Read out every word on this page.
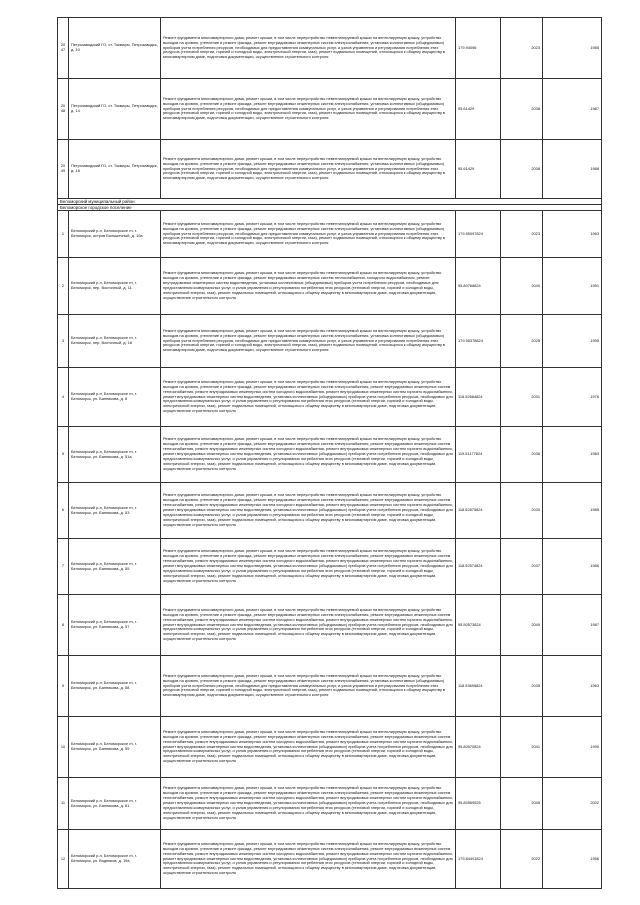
2047	Петрозаводский ГО, ст. Токмары, Петрозаводск, д. 10	Ремонт фундамента многоквартирного дома, ремонт крыши, в том числе переустройство невентилируемой крыши на вентилируемую крышу, устройство выходов на кровлю, утепление и ремонт фасада, ремонт внутридомовых инженерных систем электроснабжения, установка коллективных (общедомовых) приборов учета потребления ресурсов, необходимых для предоставления коммунальных услуг, и узлов управления и регулирования потребления этих ресурсов (тепловой энергии, горячей и холодной воды, электрической энергии, газа), ремонт подвальных помещений, относящихся к общему имуществу в многоквартирном доме, подготовка документации, осуществление строительного контроля	179.94096	2023	1985
2048	Петрозаводский ГО, ст. Токмары, Петрозаводск, д. 14	Ремонт фундамента многоквартирного дома, ремонт крыши, в том числе переустройство невентилируемой крыши на вентилируемую крышу, устройство выходов на кровлю, утепление и ремонт фасада, ремонт внутридомовых инженерных систем электроснабжения, установка коллективных (общедомовых) приборов учета потребления ресурсов, необходимых для предоставления коммунальных услуг, и узлов управления и регулирования потребления этих ресурсов (тепловой энергии, горячей и холодной воды, электрической энергии, газа), ремонт подвальных помещений, относящихся к общему имуществу в многоквартирном доме, подготовка документации, осуществление строительного контроля	95.61429	2038	1987
2049	Петрозаводский ГО, ст. Токмары, Петрозаводск, д. 18	Ремонт фундамента многоквартирного дома, ремонт крыши, в том числе переустройство невентилируемой крыши на вентилируемую крышу, устройство выходов на кровлю, утепление и ремонт фасада, ремонт внутридомовых инженерных систем электроснабжения, установка коллективных (общедомовых) приборов учета потребления ресурсов, необходимых для предоставления коммунальных услуг, и узлов управления и регулирования потребления этих ресурсов (тепловой энергии, горячей и холодной воды, электрической энергии, газа), ремонт подвальных помещений, относящихся к общему имуществу в многоквартирном доме, подготовка документации, осуществление строительного контроля	95.61429	2038	1988
Беломорский муниципальный район					
Беломорское городское поселение					
1	Беломорский р-н, Беломорское гп, г. Беломорск, остров Большечный, д. 10а	Ремонт фундамента многоквартирного дома, ремонт крыши, в том числе переустройство невентилируемой крыши на вентилируемую крышу, устройство выходов на кровлю, утепление и ремонт фасада, ремонт внутридомовых инженерных систем электроснабжения, установка коллективных (общедомовых) приборов учета потребления ресурсов, необходимых для предоставления коммунальных услуг, и узлов управления и регулирования потребления этих ресурсов (тепловой энергии, горячей и холодной воды, электрической энергии, газа), ремонт подвальных помещений, относящихся к общему имуществу в многоквартирном доме, подготовка документации, осуществление строительного контроля	179.55097824	2023	1963
2	Беломорский р-н, Беломорское гп, г. Беломорск, пер. Восточный, д. 11	Ремонт фундамента многоквартирного дома, ремонт крыши, в том числе переустройство невентилируемой крыши на вентилируемую крышу, устройство выходов на кровлю, утепление и ремонт фасада, ремонт внутридомовых инженерных систем теплоснабжения, холодного водоснабжения, ремонт внутридомовых инженерных систем водоотведения, установка коллективных (общедомовых) приборов учета потребления ресурсов, необходимых для предоставления коммунальных услуг, и узлов управления и регулирования потребления этих ресурсов (тепловой энергии, горячей и холодной воды, электрической энергии, газа), ремонт подвальных помещений, относящихся к общему имуществу в многоквартирном доме, подготовка документации, осуществление строительного контроля	95.80768824	2040	1951
3	Беломорский р-н, Беломорское гп, г. Беломорск, пер. Восточный, д. 16	Ремонт фундамента многоквартирного дома, ремонт крыши, в том числе переустройство невентилируемой крыши на вентилируемую крышу, устройство выходов на кровлю, утепление и ремонт фасада, ремонт внутридомовых инженерных систем электроснабжения, установка коллективных (общедомовых) приборов учета потребления ресурсов, необходимых для предоставления коммунальных услуг, и узлов управления и регулирования потребления этих ресурсов (тепловой энергии, горячей и холодной воды, электрической энергии, газа), ремонт подвальных помещений, относящихся к общему имуществу в многоквартирном доме, подготовка документации, осуществление строительного контроля	179.55378824	2025	1955
4	Беломорский р-н, Беломорское гп, г. Беломорск, ул. Банникова, д. 6	Ремонт фундамента многоквартирного дома, ремонт крыши, в том числе переустройство невентилируемой крыши на вентилируемую крышу, устройство выходов на кровлю, утепление и ремонт фасада, ремонт внутридомовых инженерных систем электроснабжения, ремонт внутридомовых инженерных систем теплоснабжения, ремонт внутридомовых инженерных систем холодного водоснабжения, ремонт внутридомовых инженерных систем горячего водоснабжения, ремонт внутридомовых инженерных систем водоотведения, установка коллективных (общедомовых) приборов учета потребления ресурсов, необходимых для предоставления коммунальных услуг, и узлов управления и регулирования потребления этих ресурсов (тепловой энергии, горячей и холодной воды, электрической энергии, газа), ремонт подвальных помещений, относящихся к общему имуществу в многоквартирном доме, подготовка документации, осуществление строительного контроля	118.52684824	2031	1976
5	Беломорский р-н, Беломорское гп, г. Беломорск, ул. Банникова, д. 51а	Ремонт фундамента многоквартирного дома, ремонт крыши, в том числе переустройство невентилируемой крыши на вентилируемую крышу, устройство выходов на кровлю, утепление и ремонт фасада, ремонт внутридомовых инженерных систем электроснабжения, ремонт внутридомовых инженерных систем теплоснабжения, ремонт внутридомовых инженерных систем холодного водоснабжения, ремонт внутридомовых инженерных систем горячего водоснабжения, ремонт внутридомовых инженерных систем водоотведения, установка коллективных (общедомовых) приборов учета потребления ресурсов, необходимых для предоставления коммунальных услуг, и узлов управления и регулирования потребления этих ресурсов (тепловой энергии, горячей и холодной воды, электрической энергии, газа), ремонт подвальных помещений, относящихся к общему имуществу в многоквартирном доме, подготовка документации, осуществление строительного контроля	119.51177824	2036	1983
6	Беломорский р-н, Беломорское гп, г. Беломорск, ул. Банникова, д. 53	Ремонт фундамента многоквартирного дома, ремонт крыши, в том числе переустройство невентилируемой крыши на вентилируемую крышу, устройство выходов на кровлю, утепление и ремонт фасада, ремонт внутридомовых инженерных систем электроснабжения, ремонт внутридомовых инженерных систем теплоснабжения, ремонт внутридомовых инженерных систем холодного водоснабжения, ремонт внутридомовых инженерных систем горячего водоснабжения, ремонт внутридомовых инженерных систем водоотведения, установка коллективных (общедомовых) приборов учета потребления ресурсов, необходимых для предоставления коммунальных услуг, и узлов управления и регулирования потребления этих ресурсов (тепловой энергии, горячей и холодной воды, электрической энергии, газа), ремонт подвальных помещений, относящихся к общему имуществу в многоквартирном доме, подготовка документации, осуществление строительного контроля	118.52875824	2030	1985
7	Беломорский р-н, Беломорское гп, г. Беломорск, ул. Банникова, д. 55	Ремонт фундамента многоквартирного дома, ремонт крыши, в том числе переустройство невентилируемой крыши на вентилируемую крышу, устройство выходов на кровлю, утепление и ремонт фасада, ремонт внутридомовых инженерных систем электроснабжения, ремонт внутридомовых инженерных систем теплоснабжения, ремонт внутридомовых инженерных систем холодного водоснабжения, ремонт внутридомовых инженерных систем горячего водоснабжения, ремонт внутридомовых инженерных систем водоотведения, установка коллективных (общедомовых) приборов учета потребления ресурсов, необходимых для предоставления коммунальных услуг, и узлов управления и регулирования потребления этих ресурсов (тепловой энергии, горячей и холодной воды, электрической энергии, газа), ремонт подвальных помещений, относящихся к общему имуществу в многоквартирном доме, подготовка документации, осуществление строительного контроля	118.52574824	2037	1986
8	Беломорский р-н, Беломорское гп, г. Беломорск, ул. Банникова, д. 57	Ремонт фундамента многоквартирного дома, ремонт крыши, в том числе переустройство невентилируемой крыши на вентилируемую крышу, устройство выходов на кровлю, утепление и ремонт фасада, ремонт внутридомовых инженерных систем электроснабжения, ремонт внутридомовых инженерных систем теплоснабжения, ремонт внутридомовых инженерных систем холодного водоснабжения, ремонт внутридомовых инженерных систем горячего водоснабжения, ремонт внутридомовых инженерных систем водоотведения, установка коллективных (общедомовых) приборов учета потребления ресурсов, необходимых для предоставления коммунальных услуг, и узлов управления и регулирования потребления этих ресурсов (тепловой энергии, горячей и холодной воды, электрической энергии, газа), ремонт подвальных помещений, относящихся к общему имуществу в многоквартирном доме, подготовка документации, осуществление строительного контроля	95.50573824	2040	1987
9	Беломорский р-н, Беломорское гп, г. Беломорск, ул. Банникова, д. 58	Ремонт фундамента многоквартирного дома, ремонт крыши, в том числе переустройство невентилируемой крыши на вентилируемую крышу, устройство выходов на кровлю, утепление и ремонт фасада, ремонт внутридомовых инженерных систем электроснабжения, установка коллективных (общедомовых) приборов учета потребления ресурсов, необходимых для предоставления коммунальных услуг, и узлов управления и регулирования потребления этих ресурсов (тепловой энергии, горячей и холодной воды, электрической энергии, газа), ремонт подвальных помещений, относящихся к общему имуществу в многоквартирном доме, подготовка документации, осуществление строительного контроля	118.53695824	2035	1963
10	Беломорский р-н, Беломорское гп, г. Беломорск, ул. Банникова, д. 59	Ремонт фундамента многоквартирного дома, ремонт крыши, в том числе переустройство невентилируемой крыши на вентилируемую крышу, устройство выходов на кровлю, утепление и ремонт фасада, ремонт внутридомовых инженерных систем электроснабжения, ремонт внутридомовых инженерных систем теплоснабжения, ремонт внутридомовых инженерных систем холодного водоснабжения, ремонт внутридомовых инженерных систем горячего водоснабжения, ремонт внутридомовых инженерных систем водоотведения, установка коллективных (общедомовых) приборов учета потребления ресурсов, необходимых для предоставления коммунальных услуг, и узлов управления и регулирования потребления этих ресурсов (тепловой энергии, горячей и холодной воды, электрической энергии, газа), ремонт подвальных помещений, относящихся к общему имуществу в многоквартирном доме, подготовка документации, осуществление строительного контроля	95.80970824	2041	1990
11	Беломорский р-н, Беломорское гп, г. Беломорск, ул. Банникова, д. 61	Ремонт фундамента многоквартирного дома, ремонт крыши, в том числе переустройство невентилируемой крыши на вентилируемую крышу, устройство выходов на кровлю, утепление и ремонт фасада, ремонт внутридомовых инженерных систем электроснабжения, ремонт внутридомовых инженерных систем теплоснабжения, ремонт внутридомовых инженерных систем холодного водоснабжения, ремонт внутридомовых инженерных систем горячего водоснабжения, ремонт внутридомовых инженерных систем водоотведения, установка коллективных (общедомовых) приборов учета потребления ресурсов, необходимых для предоставления коммунальных услуг, и узлов управления и регулирования потребления этих ресурсов (тепловой энергии, горячей и холодной воды, электрической энергии, газа), ремонт подвальных помещений, относящихся к общему имуществу в многоквартирном доме, подготовка документации, осуществление строительного контроля	95.80969525	2045	2002
12	Беломорский р-н, Беломорское гп, г. Беломорск, ул. Водников, д. 19а	Ремонт фундамента многоквартирного дома, ремонт крыши, в том числе переустройство невентилируемой крыши на вентилируемую крышу, устройство выходов на кровлю, утепление и ремонт фасада, ремонт внутридомовых инженерных систем электроснабжения, ремонт внутридомовых инженерных систем теплоснабжения, ремонт внутридомовых инженерных систем холодного водоснабжения, ремонт внутридомовых инженерных систем горячего водоснабжения, ремонт внутридомовых инженерных систем водоотведения, установка коллективных (общедомовых) приборов учета потребления ресурсов, необходимых для предоставления коммунальных услуг, и узлов управления и регулирования потребления этих ресурсов (тепловой энергии, горячей и холодной воды, электрической энергии, газа), ремонт подвальных помещений, относящихся к общему имуществу в многоквартирном доме, подготовка документации, осуществление строительного контроля	179.84401824	2022	1956
